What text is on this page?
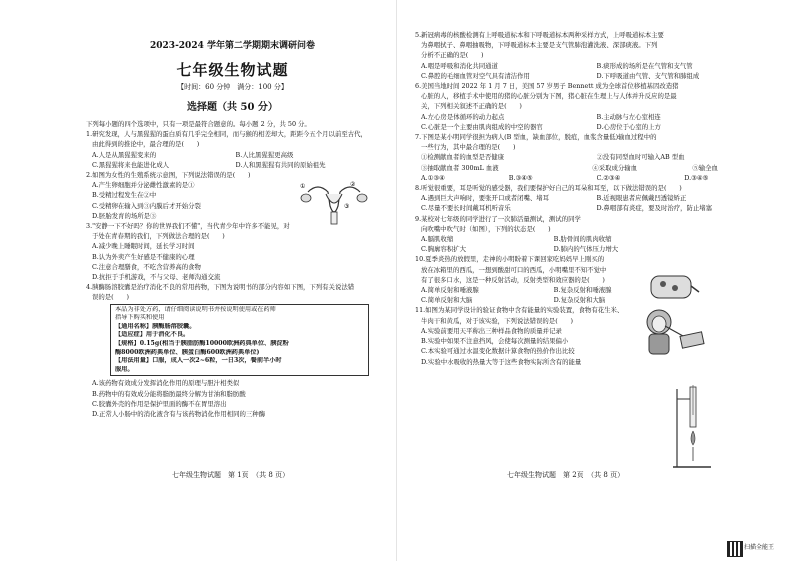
2023-2024 学年第二学期期末调研问卷

七年级生物试题

【时间：60 分钟　满分：100 分】

选择题（共 50 分）

下列每小题的四个选项中，只有一项是最符合题意的。每小题 2 分，共 50 分。
1.研究发现，人与黑猩猩的蛋白质有几乎完全相同，而与猴的相差却大，距距今五个月以前至古代，
由此得到的推论中，最合理的是(　　)
A.人是从黑猩猩变来的	B.人比黑猩猩更高级
C.黑猩猩将来也能进化成人	D.人和黑猩猩有共同的原始祖先
2.如图为女性的生殖系统示意图，下列说法错误的是(　　)
A.产生卵细胞并分泌雌性激素的是①
B.受精过程发生在②中
C.受精卵在输入到③内膜后才开始分裂
D.胚胎发育的场所是③
3."安静一下不好吗？你的世界我们不懂"，当代青少年中许多不能见，对
于处在青春期的我们，下列做法合理的是(　　)
A.减少晚上睡眠时间，延长学习时间
B.认为外卖产生好感是不健康的心理
C.注意合理膳食，不吃含营养高的食物
D.抗拒于手机游戏，不与父母、老师沟通交流
4.胰酶肠溶胶囊是治疗消化不良的常用药物，下图为说明书的部分内容如下图，下列有关说法错
误的是(　　)
本品为非处方药，请仔细阅读说明书并按说明使用或在药师
指导下购买和使用
【通用名称】胰酶肠溶胶囊。
【适应症】用于消化不良。
【规格】0.15g(相当于胰脂肪酶10000欧洲药典单位、胰淀粉
酶8000欧洲药典单位、胰蛋白酶600欧洲药典单位)
【用法用量】口服，成人一次2~6粒，一日3次，餐前半小时
服用。
A.该药物有效成分发挥消化作用的原理与胆汁相类似
B.药物中的有效成分能将脂肪最终分解为甘油和脂肪酸
C.胶囊外壳的作用是保护里面的酶不在胃里溶出
D.正常人小肠中的消化液含有与该药物消化作用相同的三种酶
七年级生物试题　第 1页　（共 8 页）
①	②
③
5.新冠病毒的核酸检测有上呼吸道标本和下呼吸道标本两种采样方式，上呼吸道标本主要
为鼻咽拭子、鼻咽抽吸物，下呼吸道标本主要是支气管肺泡灌洗液、深部痰液。下列
分析不正确的是(　　)
A.咽是呼吸和消化共同通道	B.痰形成的场所是在气管和支气管
C.鼻腔的毛细血管对空气具有清洁作用	D.下呼吸道由气管、支气管和肺组成
6.美国当地时间 2022 年 1 月 7 日，美国 57 岁男子 Bennett 成为全球首位移植基因改造猪
心脏的人，移植手术中使用的猪的心脏分别为下图，猪心脏在生理上与人体并升反应的是最
关，下列相关叙述不正确的是(　　)
A.左心房是体循环的动力起点	B.主动脉与左心室相连
C.心脏是一个主要由肌肉组成的中空的器官	D.心房位于心室的上方
7.下图是某小明同学很担为病人(B 型血，缺血部位，脱疽，血浆含量低)输血过程中的
一些行为，其中最合理的是(　　)
①检测献血者的血型是否健康	②没有同型血时可输入AB 型血
③抽取献血者 300mL 血液	④采取成分输血	⑤输全血
A.①③④	B.③④⑤	C.②③④	D.③④⑤
8.听觉很重要，耳是听觉的感受器，我们要保护好自己的耳朵和耳至，以下做法错误的是(　　)
A.遇到巨大声响时，要张开口或者闭嘴、堵耳	B.近视眼患者应佩戴凹透镜矫正
C.尽量不要长时间戴耳机听音乐	D.鼻咽部有炎症，要及时治疗，防止堵塞
9.某校对七年级的同学进行了一次肺活量测试，测试的同学
向吹嘴中吹气时（如图），下列的状态是(　　)
A.膈肌收缩	B.肋骨间的肌肉收缩
C.胸廓容积扩大	D.肺内的气体压力增大
10.夏季炎热的放假里，走神的小明盼着下课回家吃妈妈早上刚买的
放在冰箱里的西瓜，一想到酸甜可口的西瓜，小明嘴里不知不觉中
有了很多口水，这是一种反射活动，反射类型和效应器的是(　　)
A.简单反射和唾液腺	B.复杂反射和唾液腺
C.简单反射和大脑	D.复杂反射和大脑
11.如图为某同学设计的验证食物中含有能量的实验装置，食物有花生米、
牛肉干和黄瓜，对于该实验，下列说法错误的是(　　)
A.实验前要用天平称出三种样品食物的质量并记录
B.实验中如果不注意挡风，会使每次测量的结果偏小
C.本实验可通过水温变化数据计算食物的热价作出比较
D.实验中水吸收的热量大等于这些食物实际所含有的能量
七年级生物试题　第 2页　（共 8 页）
扫描全能王
